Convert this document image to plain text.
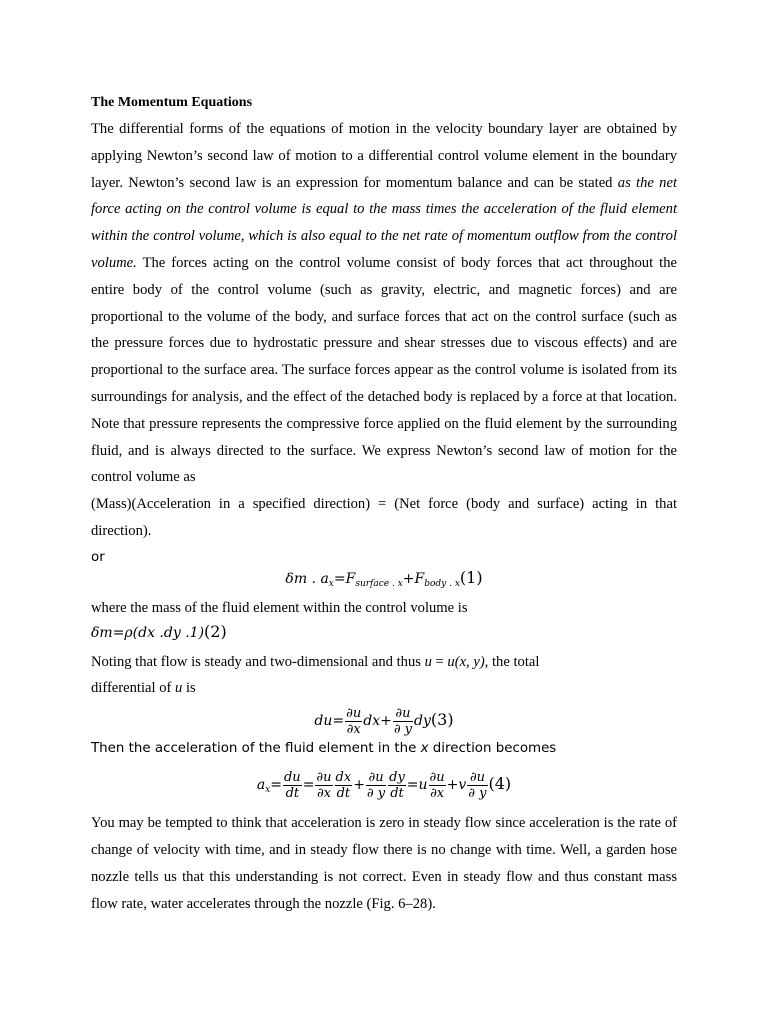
The Momentum Equations

The differential forms of the equations of motion in the velocity boundary layer are obtained by applying Newton’s second law of motion to a differential control volume element in the boundary layer. Newton’s second law is an expression for momentum balance and can be stated as the net force acting on the control volume is equal to the mass times the acceleration of the fluid element within the control volume, which is also equal to the net rate of momentum outflow from the control volume. The forces acting on the control volume consist of body forces that act throughout the entire body of the control volume (such as gravity, electric, and magnetic forces) and are proportional to the volume of the body, and surface forces that act on the control surface (such as the pressure forces due to hydrostatic pressure and shear stresses due to viscous effects) and are proportional to the surface area. The surface forces appear as the control volume is isolated from its surroundings for analysis, and the effect of the detached body is replaced by a force at that location. Note that pressure represents the compressive force applied on the fluid element by the surrounding fluid, and is always directed to the surface. We express Newton’s second law of motion for the control volume as

(Mass)(Acceleration in a specified direction) = (Net force (body and surface) acting in that direction).

or

δm . $a_x=F_{surface . x}+F_{body . x}(1)$

where the mass of the fluid element within the control volume is

δm=ρ(dx .dy .1)(2)

Noting that flow is steady and two-dimensional and thus u = u(x, y), the total

differential of u is

$du= \frac{\partial u}{\partial x} dx+ \frac{\partial u}{\partial y} dy(3)$

Then the acceleration of the fluid element in the x direction becomes

$a_x= \frac{du}{dt} = \frac{\partial u}{\partial x} \frac{dx}{dt} + \frac{\partial u}{\partial y} \frac{dy}{dt} =u \frac{\partial u}{\partial x} +v \frac{\partial u}{\partial y} (4)$

You may be tempted to think that acceleration is zero in steady flow since acceleration is the rate of change of velocity with time, and in steady flow there is no change with time. Well, a garden hose nozzle tells us that this understanding is not correct. Even in steady flow and thus constant mass flow rate, water accelerates through the nozzle (Fig. 6–28).
